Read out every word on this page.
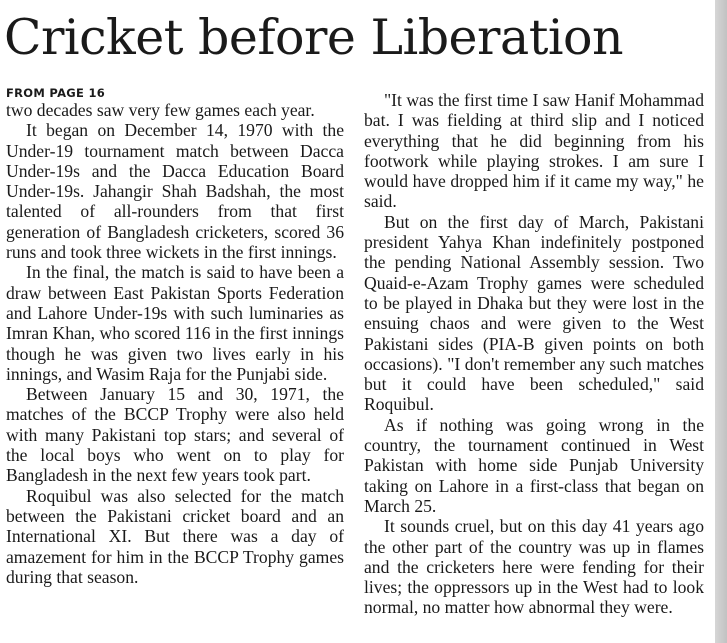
Cricket before Liberation
FROM PAGE 16

two decades saw very few games each year.

It began on December 14, 1970 with the Under-19 tournament match between Dacca Under-19s and the Dacca Education Board Under-19s. Jahangir Shah Badshah, the most talented of all-rounders from that first generation of Bangladesh cricketers, scored 36 runs and took three wickets in the first innings.

In the final, the match is said to have been a draw between East Pakistan Sports Federation and Lahore Under-19s with such luminaries as Imran Khan, who scored 116 in the first innings though he was given two lives early in his innings, and Wasim Raja for the Punjabi side.

Between January 15 and 30, 1971, the matches of the BCCP Trophy were also held with many Pakistani top stars; and several of the local boys who went on to play for Bangladesh in the next few years took part.

Roquibul was also selected for the match between the Pakistani cricket board and an International XI. But there was a day of amazement for him in the BCCP Trophy games during that season.

"It was the first time I saw Hanif Mohammad bat. I was fielding at third slip and I noticed everything that he did beginning from his footwork while playing strokes. I am sure I would have dropped him if it came my way," he said.

But on the first day of March, Pakistani president Yahya Khan indefinitely postponed the pending National Assembly session. Two Quaid-e-Azam Trophy games were scheduled to be played in Dhaka but they were lost in the ensuing chaos and were given to the West Pakistani sides (PIA-B given points on both occasions). "I don't remember any such matches but it could have been scheduled," said Roquibul.

As if nothing was going wrong in the country, the tournament continued in West Pakistan with home side Punjab University taking on Lahore in a first-class that began on March 25.

It sounds cruel, but on this day 41 years ago the other part of the country was up in flames and the cricketers here were fending for their lives; the oppressors up in the West had to look normal, no matter how abnormal they were.
